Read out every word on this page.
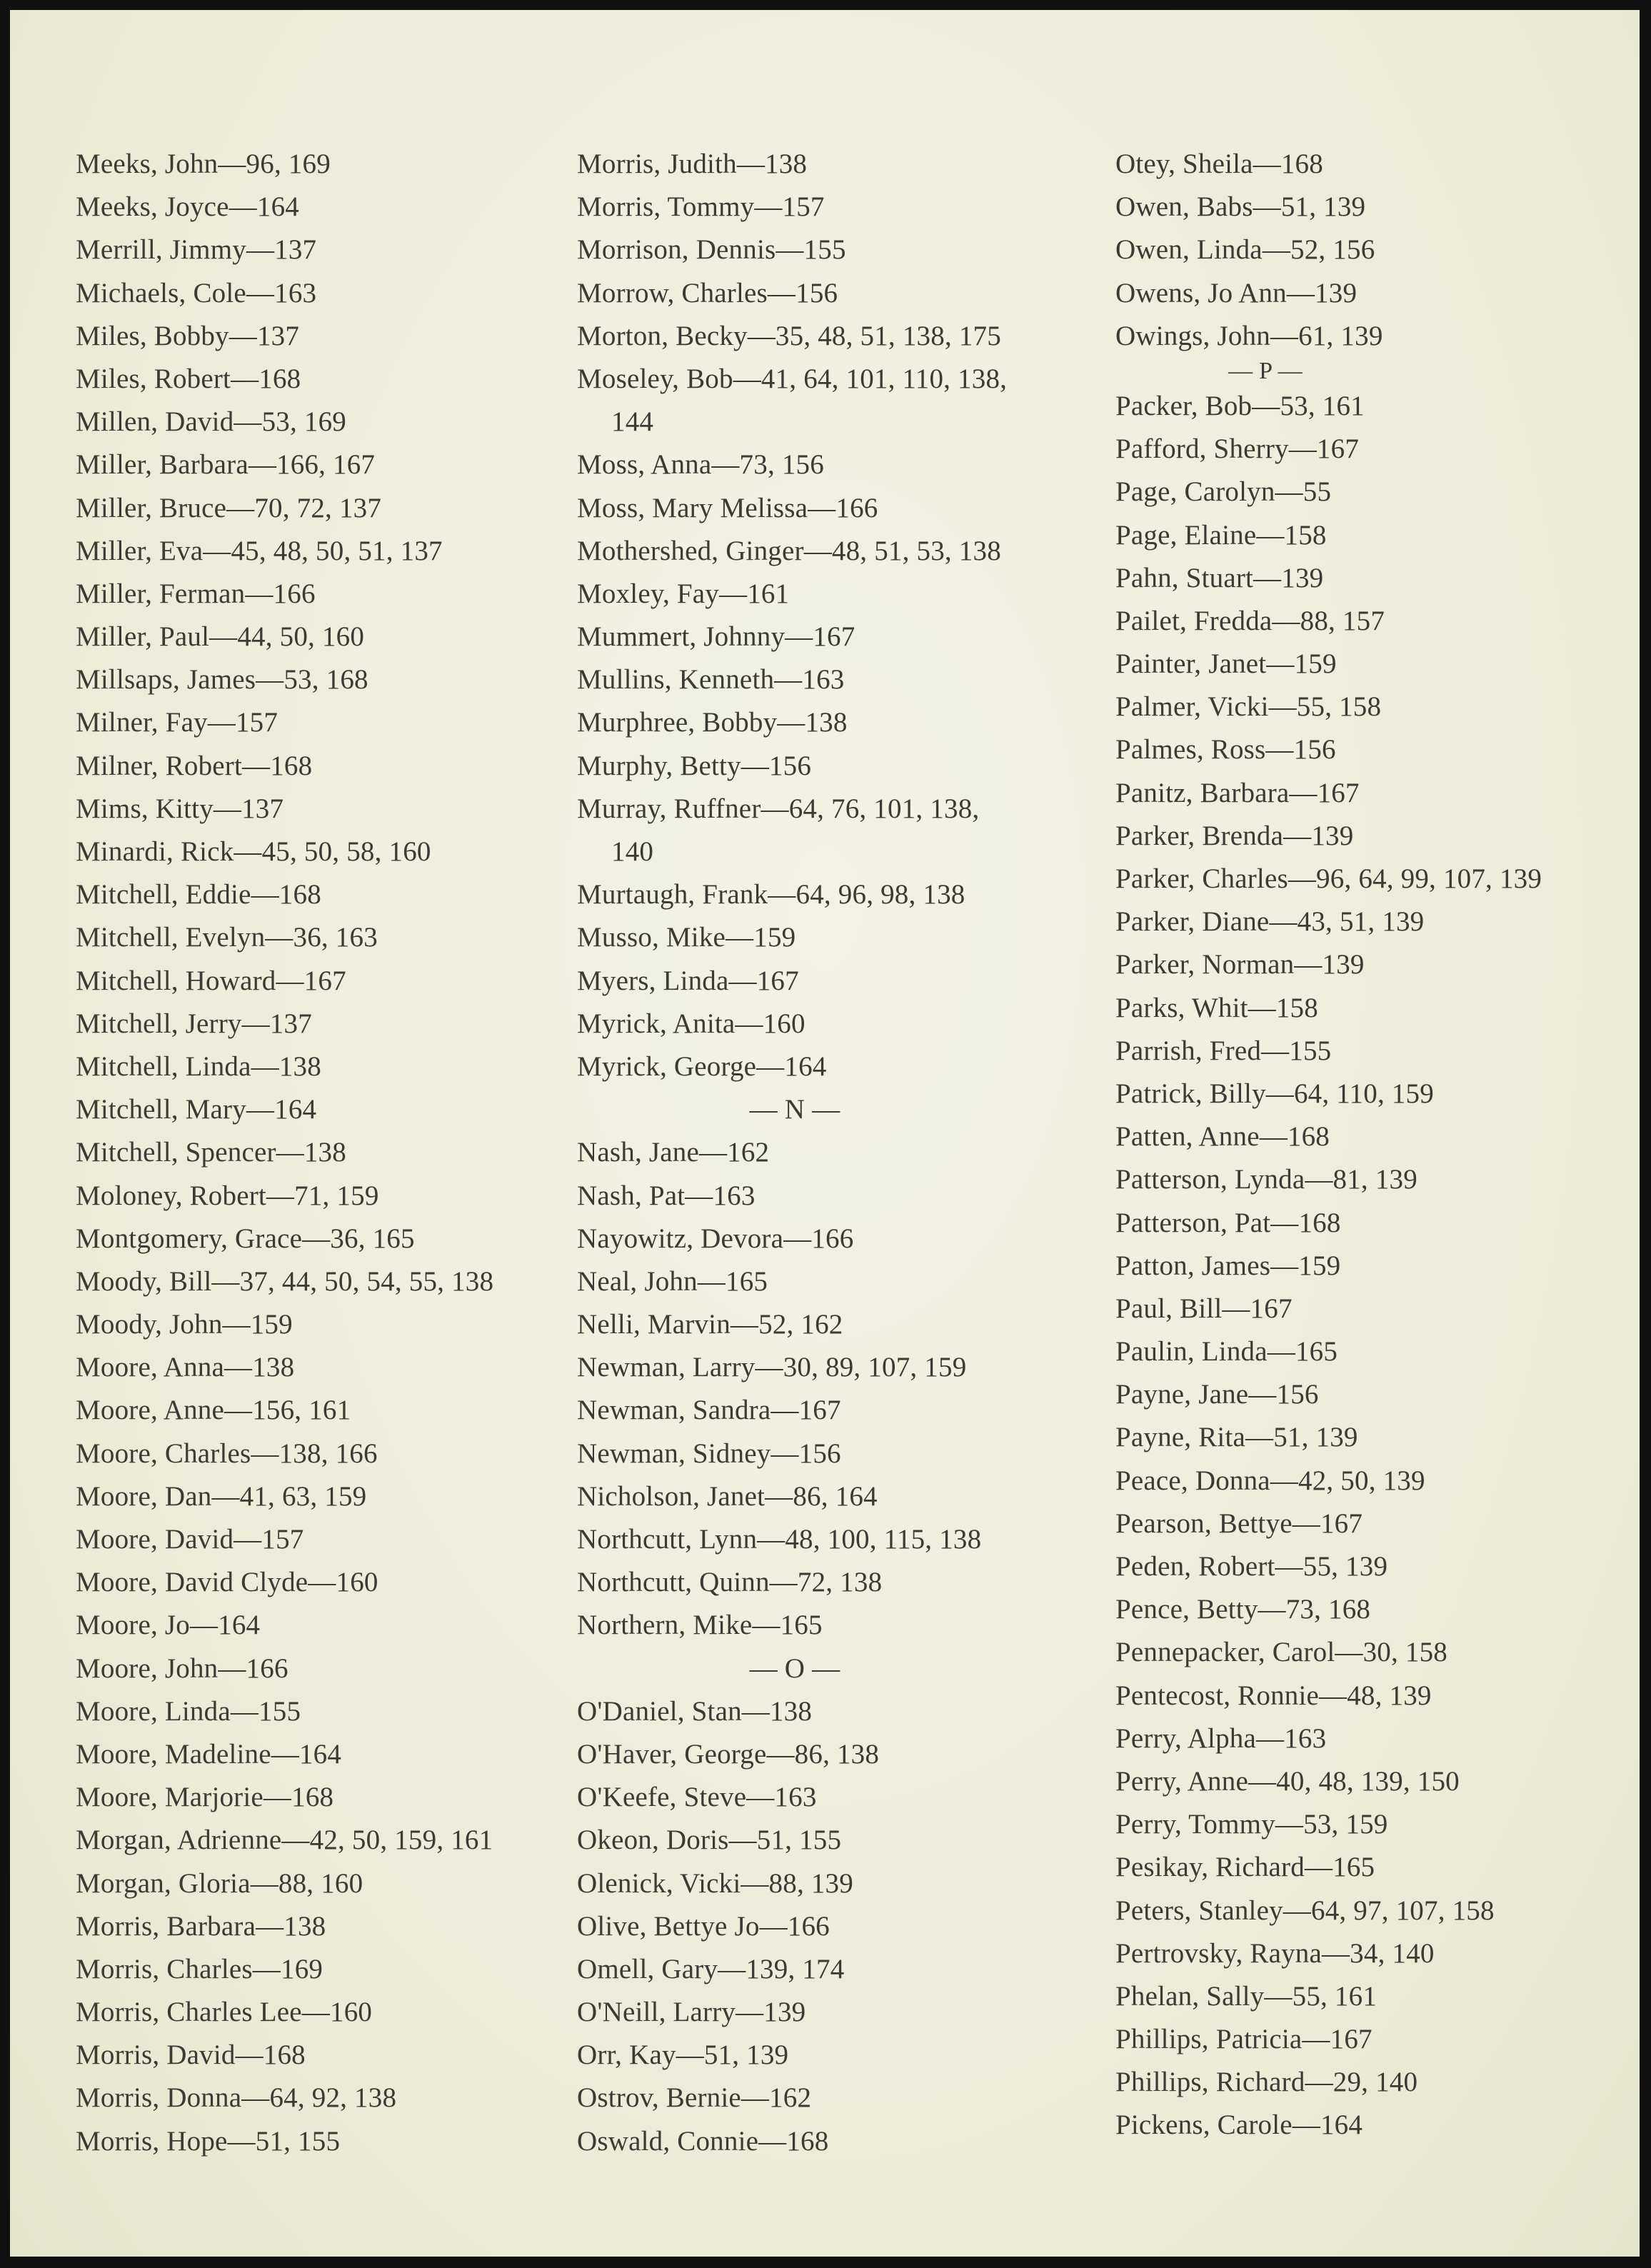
Meeks, John—96, 169
Meeks, Joyce—164
Merrill, Jimmy—137
Michaels, Cole—163
Miles, Bobby—137
Miles, Robert—168
Millen, David—53, 169
Miller, Barbara—166, 167
Miller, Bruce—70, 72, 137
Miller, Eva—45, 48, 50, 51, 137
Miller, Ferman—166
Miller, Paul—44, 50, 160
Millsaps, James—53, 168
Milner, Fay—157
Milner, Robert—168
Mims, Kitty—137
Minardi, Rick—45, 50, 58, 160
Mitchell, Eddie—168
Mitchell, Evelyn—36, 163
Mitchell, Howard—167
Mitchell, Jerry—137
Mitchell, Linda—138
Mitchell, Mary—164
Mitchell, Spencer—138
Moloney, Robert—71, 159
Montgomery, Grace—36, 165
Moody, Bill—37, 44, 50, 54, 55, 138
Moody, John—159
Moore, Anna—138
Moore, Anne—156, 161
Moore, Charles—138, 166
Moore, Dan—41, 63, 159
Moore, David—157
Moore, David Clyde—160
Moore, Jo—164
Moore, John—166
Moore, Linda—155
Moore, Madeline—164
Moore, Marjorie—168
Morgan, Adrienne—42, 50, 159, 161
Morgan, Gloria—88, 160
Morris, Barbara—138
Morris, Charles—169
Morris, Charles Lee—160
Morris, David—168
Morris, Donna—64, 92, 138
Morris, Hope—51, 155
Morris, Judith—138
Morris, Tommy—157
Morrison, Dennis—155
Morrow, Charles—156
Morton, Becky—35, 48, 51, 138, 175
Moseley, Bob—41, 64, 101, 110, 138,
144
Moss, Anna—73, 156
Moss, Mary Melissa—166
Mothershed, Ginger—48, 51, 53, 138
Moxley, Fay—161
Mummert, Johnny—167
Mullins, Kenneth—163
Murphree, Bobby—138
Murphy, Betty—156
Murray, Ruffner—64, 76, 101, 138,
140
Murtaugh, Frank—64, 96, 98, 138
Musso, Mike—159
Myers, Linda—167
Myrick, Anita—160
Myrick, George—164
— N —
Nash, Jane—162
Nash, Pat—163
Nayowitz, Devora—166
Neal, John—165
Nelli, Marvin—52, 162
Newman, Larry—30, 89, 107, 159
Newman, Sandra—167
Newman, Sidney—156
Nicholson, Janet—86, 164
Northcutt, Lynn—48, 100, 115, 138
Northcutt, Quinn—72, 138
Northern, Mike—165
— O —
O'Daniel, Stan—138
O'Haver, George—86, 138
O'Keefe, Steve—163
Okeon, Doris—51, 155
Olenick, Vicki—88, 139
Olive, Bettye Jo—166
Omell, Gary—139, 174
O'Neill, Larry—139
Orr, Kay—51, 139
Ostrov, Bernie—162
Oswald, Connie—168
Otey, Sheila—168
Owen, Babs—51, 139
Owen, Linda—52, 156
Owens, Jo Ann—139
Owings, John—61, 139
— P —
Packer, Bob—53, 161
Pafford, Sherry—167
Page, Carolyn—55
Page, Elaine—158
Pahn, Stuart—139
Pailet, Fredda—88, 157
Painter, Janet—159
Palmer, Vicki—55, 158
Palmes, Ross—156
Panitz, Barbara—167
Parker, Brenda—139
Parker, Charles—96, 64, 99, 107, 139
Parker, Diane—43, 51, 139
Parker, Norman—139
Parks, Whit—158
Parrish, Fred—155
Patrick, Billy—64, 110, 159
Patten, Anne—168
Patterson, Lynda—81, 139
Patterson, Pat—168
Patton, James—159
Paul, Bill—167
Paulin, Linda—165
Payne, Jane—156
Payne, Rita—51, 139
Peace, Donna—42, 50, 139
Pearson, Bettye—167
Peden, Robert—55, 139
Pence, Betty—73, 168
Pennepacker, Carol—30, 158
Pentecost, Ronnie—48, 139
Perry, Alpha—163
Perry, Anne—40, 48, 139, 150
Perry, Tommy—53, 159
Pesikay, Richard—165
Peters, Stanley—64, 97, 107, 158
Pertrovsky, Rayna—34, 140
Phelan, Sally—55, 161
Phillips, Patricia—167
Phillips, Richard—29, 140
Pickens, Carole—164
